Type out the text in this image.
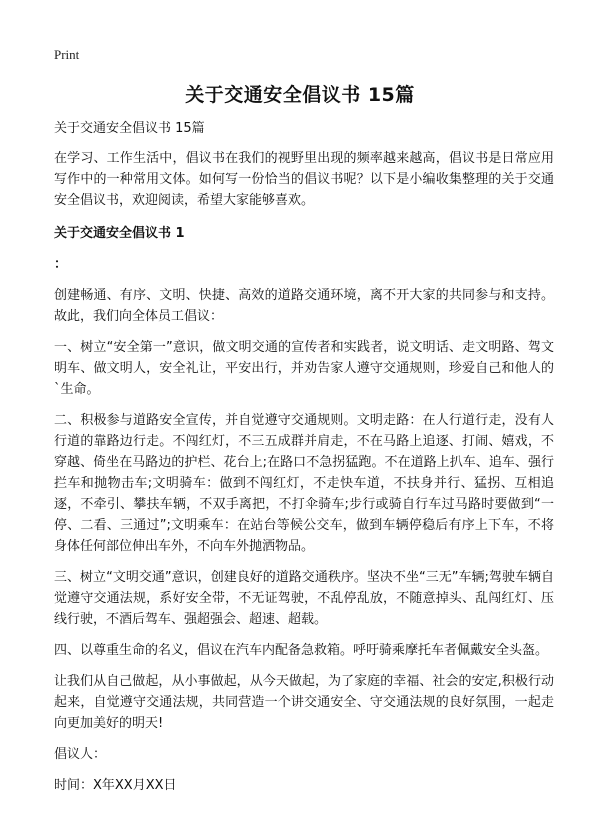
Print
关于交通安全倡议书 15篇

关于交通安全倡议书 15篇

在学习、工作生活中，倡议书在我们的视野里出现的频率越来越高，倡议书是日常应用写作中的一种常用文体。如何写一份恰当的倡议书呢？以下是小编收集整理的关于交通安全倡议书，欢迎阅读，希望大家能够喜欢。

关于交通安全倡议书 1

：

创建畅通、有序、文明、快捷、高效的道路交通环境，离不开大家的共同参与和支持。故此，我们向全体员工倡议：

一、树立“安全第一”意识，做文明交通的宣传者和实践者，说文明话、走文明路、驾文明车、做文明人，安全礼让，平安出行，并劝告家人遵守交通规则，珍爱自己和他人的`生命。

二、积极参与道路安全宣传，并自觉遵守交通规则。文明走路：在人行道行走，没有人行道的靠路边行走。不闯红灯，不三五成群并肩走，不在马路上追逐、打闹、嬉戏，不穿越、倚坐在马路边的护栏、花台上;在路口不急拐猛跑。不在道路上扒车、追车、强行拦车和抛物击车;文明骑车：做到不闯红灯，不走快车道，不扶身并行、猛拐、互相追逐，不牵引、攀扶车辆，不双手离把，不打伞骑车;步行或骑自行车过马路时要做到“一停、二看、三通过”;文明乘车：在站台等候公交车，做到车辆停稳后有序上下车，不将身体任何部位伸出车外，不向车外抛洒物品。

三、树立“文明交通”意识，创建良好的道路交通秩序。坚决不坐“三无”车辆;驾驶车辆自觉遵守交通法规，系好安全带，不无证驾驶，不乱停乱放，不随意掉头、乱闯红灯、压线行驶，不酒后驾车、强超强会、超速、超载。

四、以尊重生命的名义，倡议在汽车内配备急救箱。呼吁骑乘摩托车者佩戴安全头盔。

让我们从自己做起，从小事做起，从今天做起，为了家庭的幸福、社会的安定,积极行动起来，自觉遵守交通法规，共同营造一个讲交通安全、守交通法规的良好氛围，一起走向更加美好的明天!

倡议人：

时间：X年XX月XX日
